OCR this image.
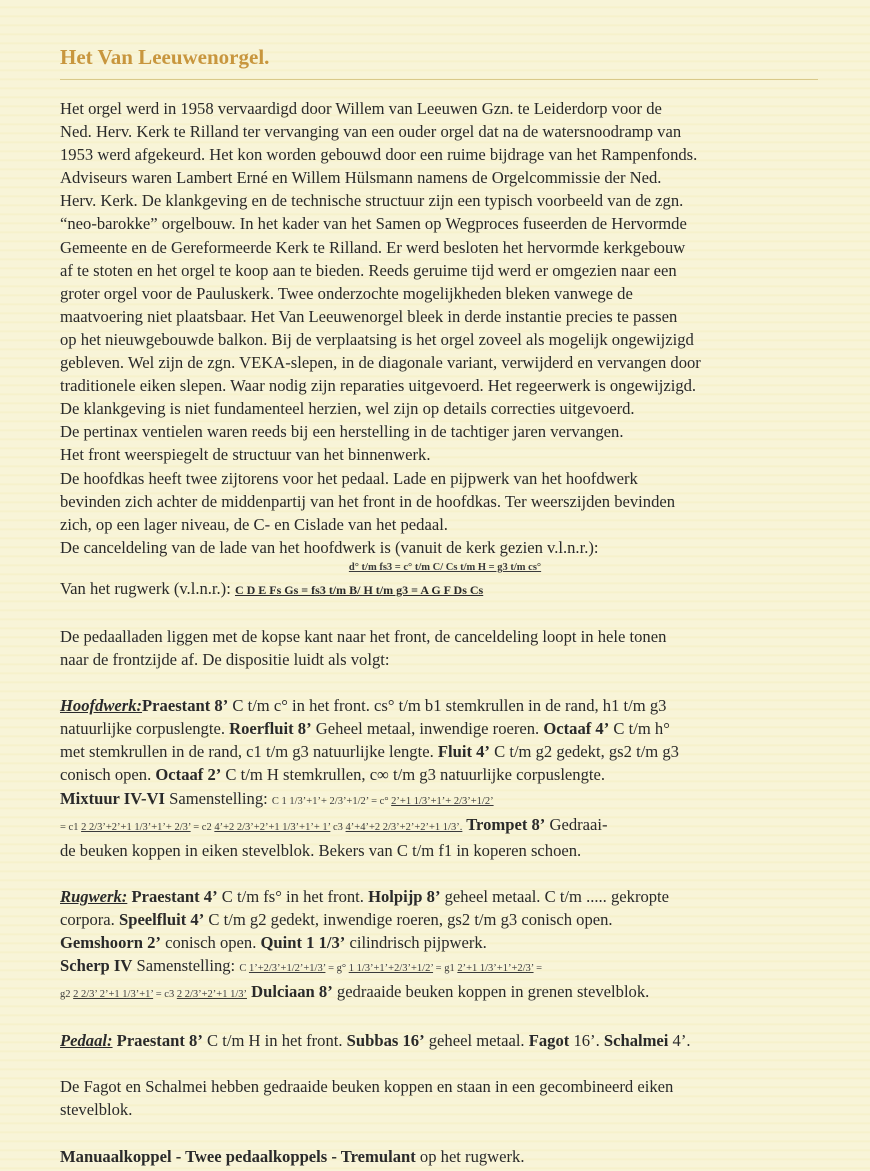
Het Van Leeuwenorgel.

Het orgel werd in 1958 vervaardigd door Willem van Leeuwen Gzn. te Leiderdorp voor de

Ned. Herv. Kerk te Rilland ter vervanging van een ouder orgel dat na de watersnoodramp van

1953 werd afgekeurd. Het kon worden gebouwd door een ruime bijdrage van het Rampenfonds.

Adviseurs waren Lambert Erné en Willem Hülsmann namens de Orgelcommissie der Ned.

Herv. Kerk. De klankgeving en de technische structuur zijn een typisch voorbeeld van de zgn.

“neo-barokke” orgelbouw. In het kader van het Samen op Wegproces fuseerden de Hervormde

Gemeente en de Gereformeerde Kerk te Rilland. Er werd besloten het hervormde kerkgebouw

af te stoten en het orgel te koop aan te bieden. Reeds geruime tijd werd er omgezien naar een

groter orgel voor de Pauluskerk. Twee onderzochte mogelijkheden bleken vanwege de

maatvoering niet plaatsbaar. Het Van Leeuwenorgel bleek in derde instantie precies te passen

op het nieuwgebouwde balkon. Bij de verplaatsing is het orgel zoveel als mogelijk ongewijzigd

gebleven. Wel zijn de zgn. VEKA-slepen, in de diagonale variant, verwijderd en vervangen door

traditionele eiken slepen. Waar nodig zijn reparaties uitgevoerd. Het regeerwerk is ongewijzigd.

De klankgeving is niet fundamenteel herzien, wel zijn op details correcties uitgevoerd.

De pertinax ventielen waren reeds bij een herstelling in de tachtiger jaren vervangen.

Het front weerspiegelt de structuur van het binnenwerk.

De hoofdkas heeft twee zijtorens voor het pedaal. Lade en pijpwerk van het hoofdwerk

bevinden zich achter de middenpartij van het front in de hoofdkas. Ter weerszijden bevinden

zich, op een lager niveau, de C- en Cislade van het pedaal.

De canceldeling van de lade van het hoofdwerk is (vanuit de kerk gezien v.l.n.r.):

d° t/m fs3 = c° t/m C/ Cs t/m H = g3 t/m cs°

Van het rugwerk (v.l.n.r.): C D E Fs Gs = fs3 t/m B/ H t/m g3 = A G F Ds Cs

De pedaalladen liggen met de kopse kant naar het front, de canceldeling loopt in hele tonen

naar de frontzijde af. De dispositie luidt als volgt:

Hoofdwerk:Praestant 8’ C t/m c° in het front. cs° t/m b1 stemkrullen in de rand, h1 t/m g3

natuurlijke corpuslengte. Roerfluit 8’ Geheel metaal, inwendige roeren. Octaaf 4’ C t/m h°

met stemkrullen in de rand, c1 t/m g3 natuurlijke lengte. Fluit 4’ C t/m g2 gedekt, gs2 t/m g3

conisch open. Octaaf 2’ C t/m H stemkrullen, c∞ t/m g3 natuurlijke corpuslengte.

Mixtuur IV-VI Samenstelling: C 1 1/3’+1’+ 2/3’+1/2’ = c° 2’+1 1/3’+1’+ 2/3’+1/2’

= c1 2 2/3’+2’+1 1/3’+1’+ 2/3’ = c2 4’+2 2/3’+2’+1 1/3’+1’+ 1’ c3 4’+4’+2 2/3’+2’+2’+1 1/3’. Trompet 8’ Gedraai-

de beuken koppen in eiken stevelblok. Bekers van C t/m f1 in koperen schoen.

Rugwerk: Praestant 4’ C t/m fs° in het front. Holpijp 8’ geheel metaal. C t/m ..... gekropte

corpora. Speelfluit 4’ C t/m g2 gedekt, inwendige roeren, gs2 t/m g3 conisch open.

Gemshoorn 2’ conisch open. Quint 1 1/3’ cilindrisch pijpwerk.

Scherp IV Samenstelling: C 1’+2/3’+1/2’+1/3’ = g° 1 1/3’+1’+2/3’+1/2’ = g1 2’+1 1/3’+1’+2/3’ =

g2 2 2/3’ 2’+1 1/3’+1’ = c3 2 2/3’+2’+1 1/3’ Dulciaan 8’ gedraaide beuken koppen in grenen stevelblok.

Pedaal: Praestant 8’ C t/m H in het front. Subbas 16’ geheel metaal. Fagot 16’. Schalmei 4’.

De Fagot en Schalmei hebben gedraaide beuken koppen en staan in een gecombineerd eiken

stevelblok.

Manuaalkoppel - Twee pedaalkoppels - Tremulant op het rugwerk.
